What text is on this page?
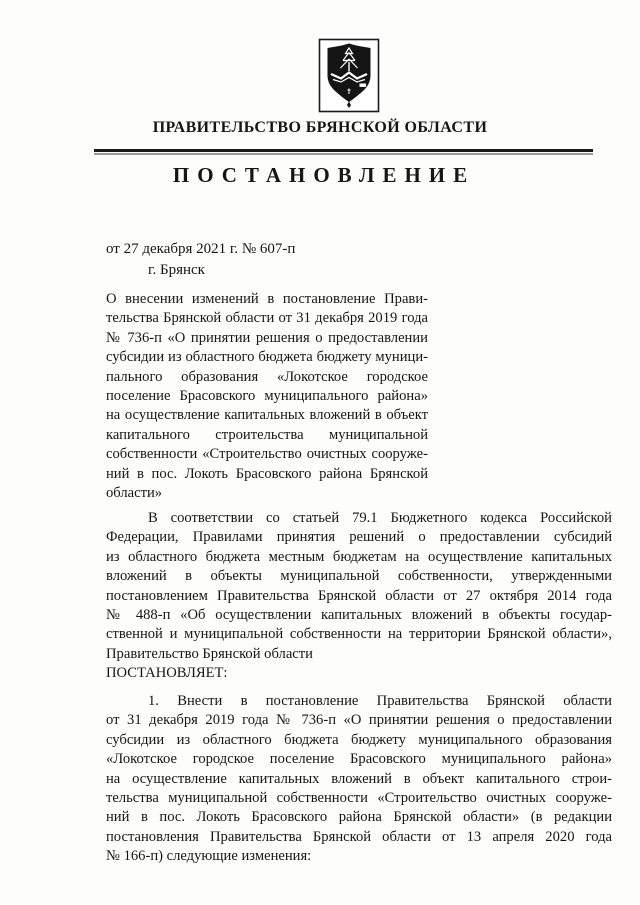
ПРАВИТЕЛЬСТВО БРЯНСКОЙ ОБЛАСТИ
ПОСТАНОВЛЕНИЕ
от 27 декабря 2021 г. № 607-п
г. Брянск
О внесении изменений в постановление Прави-
тельства Брянской области от 31 декабря 2019 года
№ 736-п «О принятии решения о предоставлении
субсидии из областного бюджета бюджету муници-
пального образования «Локотское городское
поселение Брасовского муниципального района»
на осуществление капитальных вложений в объект
капитального строительства муниципальной
собственности «Строительство очистных сооруже-
ний в пос. Локоть Брасовского района Брянской
области»
В соответствии со статьей 79.1 Бюджетного кодекса Российской
Федерации, Правилами принятия решений о предоставлении субсидий
из областного бюджета местным бюджетам на осуществление капитальных
вложений в объекты муниципальной собственности, утвержденными
постановлением Правительства Брянской области от 27 октября 2014 года
№ 488-п «Об осуществлении капитальных вложений в объекты государ-
ственной и муниципальной собственности на территории Брянской области»,
Правительство Брянской области
ПОСТАНОВЛЯЕТ:
1. Внести в постановление Правительства Брянской области
от 31 декабря 2019 года № 736-п «О принятии решения о предоставлении
субсидии из областного бюджета бюджету муниципального образования
«Локотское городское поселение Брасовского муниципального района»
на осуществление капитальных вложений в объект капитального строи-
тельства муниципальной собственности «Строительство очистных сооруже-
ний в пос. Локоть Брасовского района Брянской области» (в редакции
постановления Правительства Брянской области от 13 апреля 2020 года
№ 166-п) следующие изменения:
